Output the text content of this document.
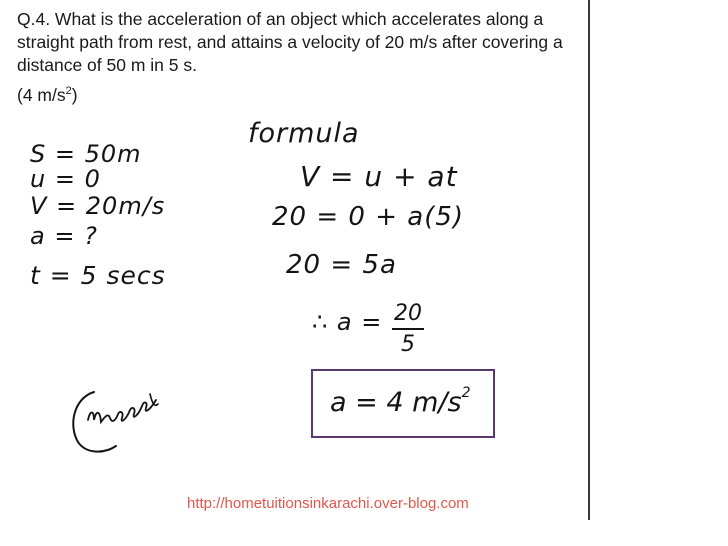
Q.4. What is the acceleration of an object which accelerates along a
straight path from rest, and attains a velocity of 20 m/s after covering a
distance of 50 m in 5 s.
(4 $m/s^2$)
S = 50m
u = 0
V = 20m/s
a = ?
t = 5 secs
formula
V = u + at
20 = 0 + a(5)
20 = 5a
∴ a = 20
5
a = 4 $m/s^2$
http://hometuitionsinkarachi.over-blog.com
